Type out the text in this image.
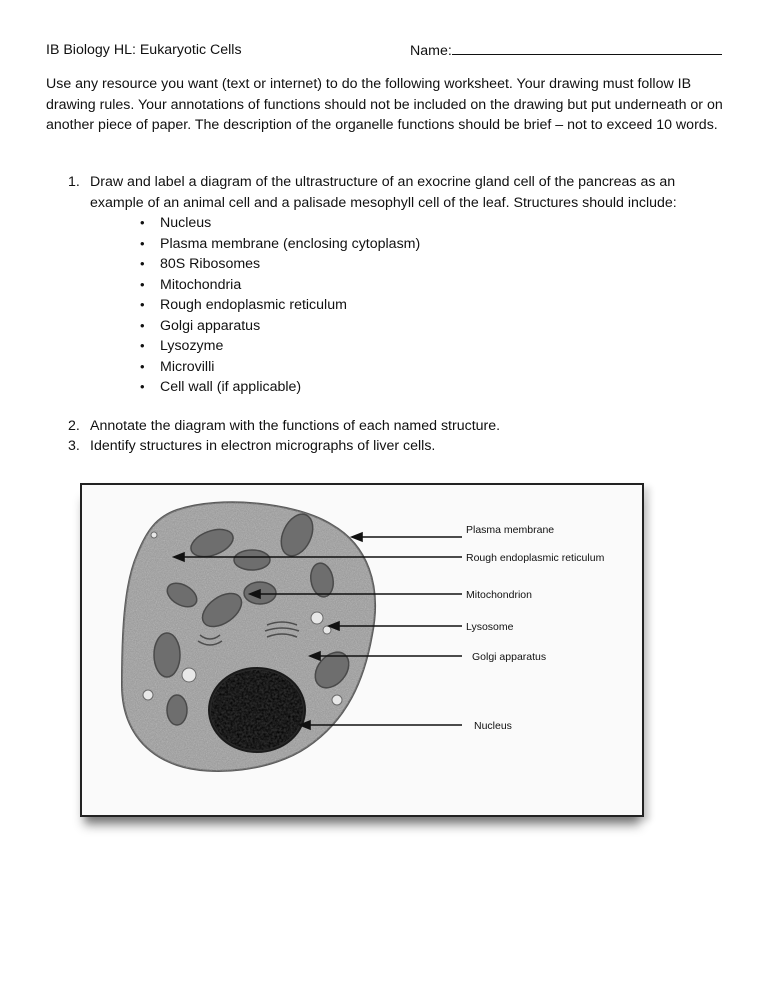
IB Biology HL: Eukaryotic Cells	Name:

Use any resource you want (text or internet) to do the following worksheet. Your drawing must follow IB drawing rules. Your annotations of functions should not be included on the drawing but put underneath or on another piece of paper. The description of the organelle functions should be brief – not to exceed 10 words.

1. Draw and label a diagram of the ultrastructure of an exocrine gland cell of the pancreas as an example of an animal cell and a palisade mesophyll cell of the leaf. Structures should include:
• Nucleus
• Plasma membrane (enclosing cytoplasm)
• 80S Ribosomes
• Mitochondria
• Rough endoplasmic reticulum
• Golgi apparatus
• Lysozyme
• Microvilli
• Cell wall (if applicable)
2. Annotate the diagram with the functions of each named structure.
3. Identify structures in electron micrographs of liver cells.
Plasma membrane
Rough endoplasmic reticulum
Mitochondrion
Lysosome
Golgi apparatus
Nucleus
